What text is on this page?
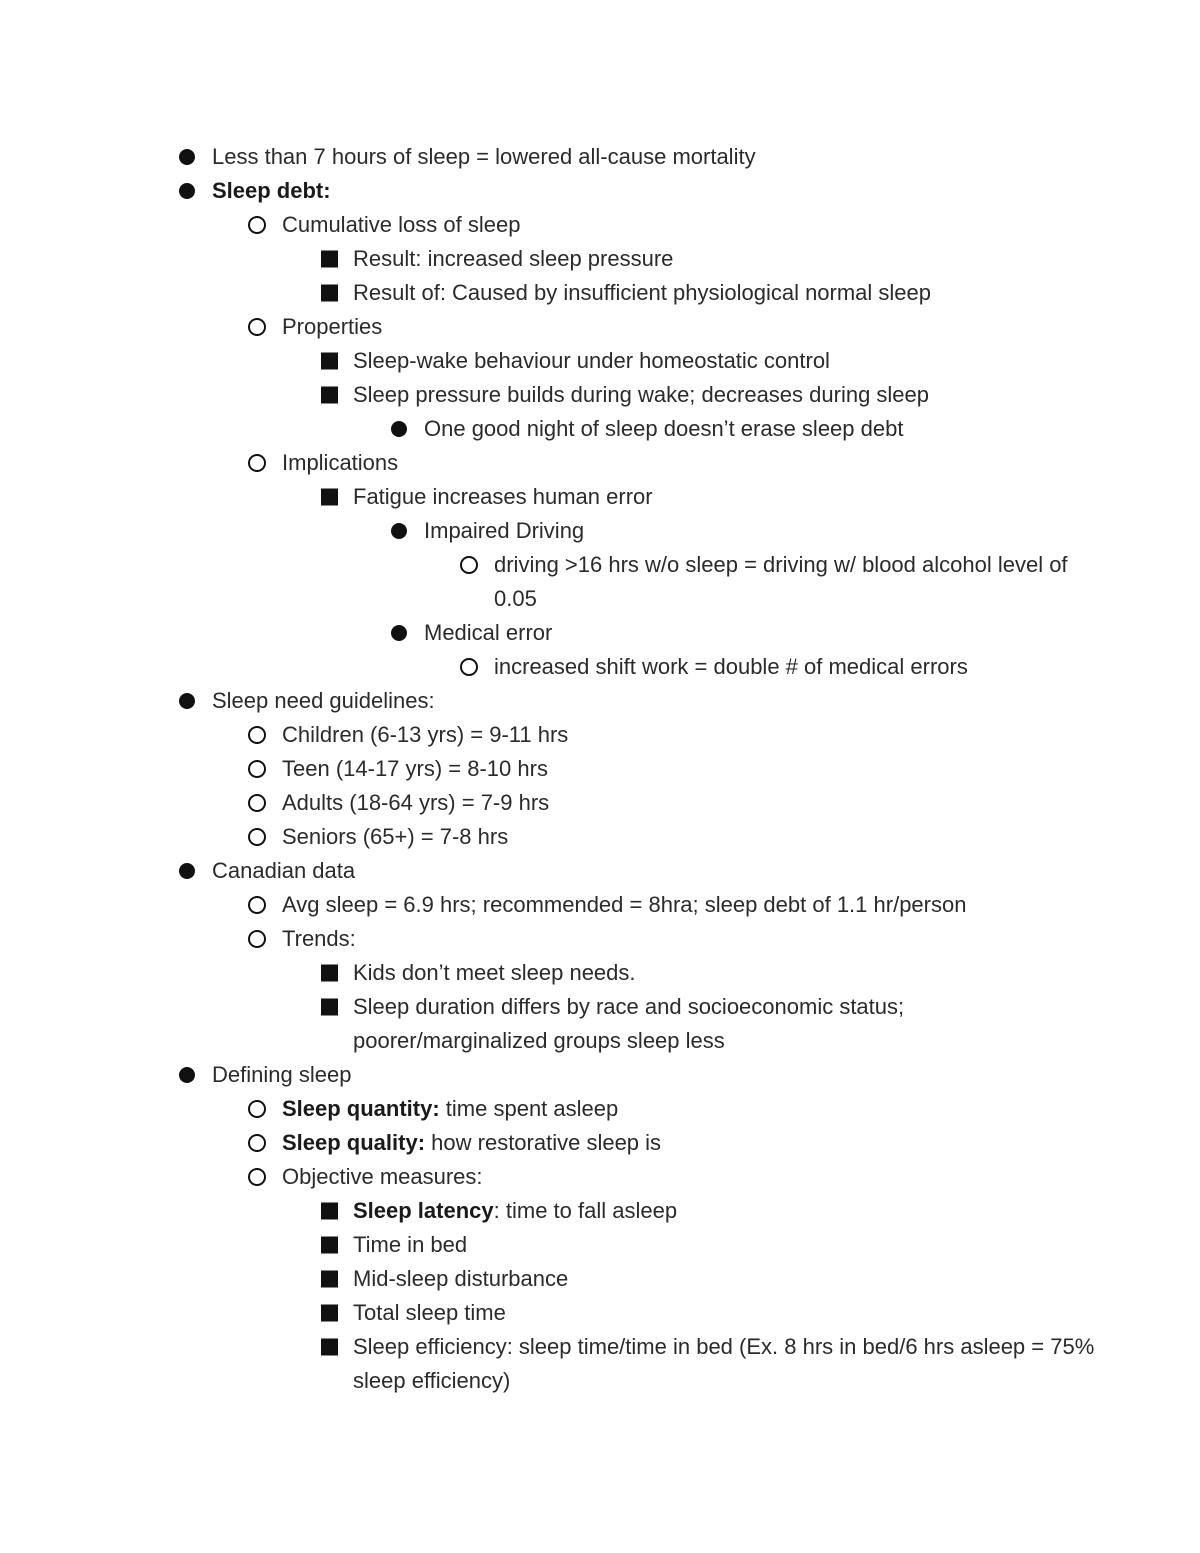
Less than 7 hours of sleep = lowered all-cause mortality
Sleep debt:
Cumulative loss of sleep
Result: increased sleep pressure
Result of: Caused by insufficient physiological normal sleep
Properties
Sleep-wake behaviour under homeostatic control
Sleep pressure builds during wake; decreases during sleep
One good night of sleep doesn’t erase sleep debt
Implications
Fatigue increases human error
Impaired Driving
driving >16 hrs w/o sleep = driving w/ blood alcohol level of
0.05
Medical error
increased shift work = double # of medical errors
Sleep need guidelines:
Children (6-13 yrs) = 9-11 hrs
Teen (14-17 yrs) = 8-10 hrs
Adults (18-64 yrs) = 7-9 hrs
Seniors (65+) = 7-8 hrs
Canadian data
Avg sleep = 6.9 hrs; recommended = 8hra; sleep debt of 1.1 hr/person
Trends:
Kids don’t meet sleep needs.
Sleep duration differs by race and socioeconomic status;
poorer/marginalized groups sleep less
Defining sleep
Sleep quantity: time spent asleep
Sleep quality: how restorative sleep is
Objective measures:
Sleep latency: time to fall asleep
Time in bed
Mid-sleep disturbance
Total sleep time
Sleep efficiency: sleep time/time in bed (Ex. 8 hrs in bed/6 hrs asleep = 75%
sleep efficiency)
